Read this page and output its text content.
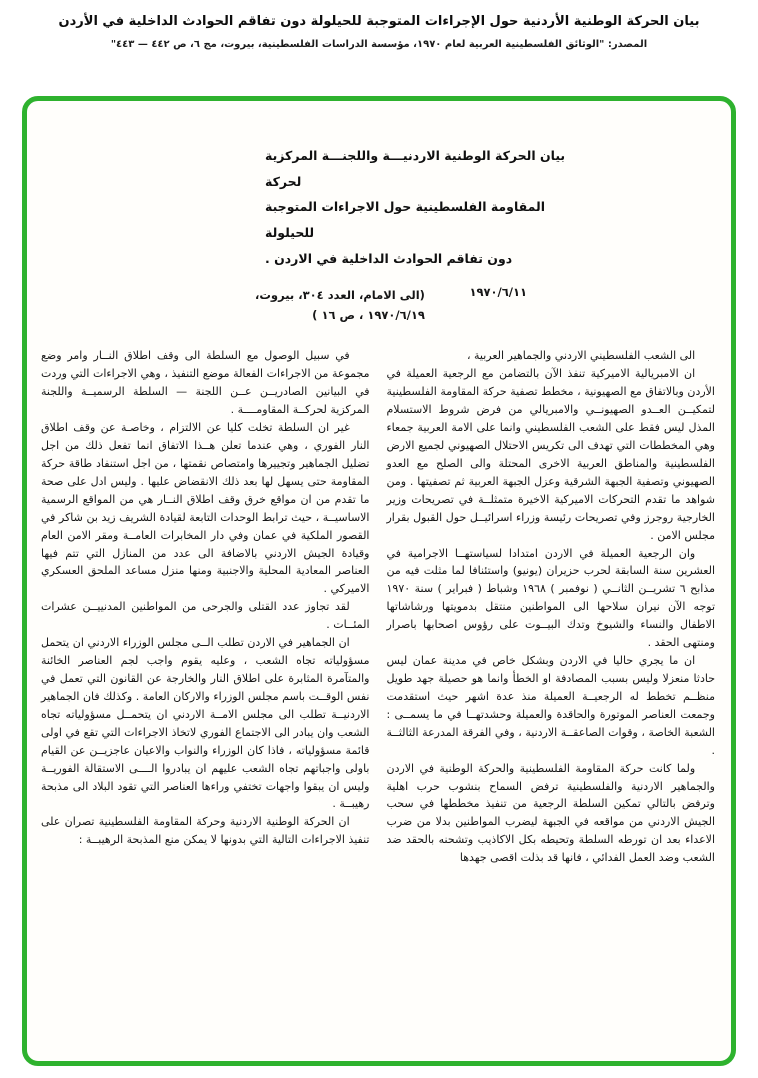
بيان الحركة الوطنية الأردنية حول الإجراءات المتوجبة للحيلولة دون تفاقم الحوادث الداخلية في الأردن
المصدر: "الوثائق الفلسطينية العربية لعام ١٩٧٠، مؤسسة الدراسات الفلسطينية، بيروت، مج ٦، ص ٤٤٢ — ٤٤٣"
بيان الحركة الوطنية الاردنيـــة واللجنـــة المركزية لحركة
المقاومة الفلسطينية حول الاجراءات المتوجبة للحيلولة
دون تفاقم الحوادث الداخلية في الاردن .
١٩٧٠/٦/١١
(الى الامام، العدد ٣٠٤، بيروت،
١٩٧٠/٦/١٩ ، ص ١٦ )

الى الشعب الفلسطيني الاردني والجماهير العربية ،

ان الامبريالية الاميركية تنفذ الآن بالتضامن مع الرجعية العميلة في الأردن وبالاتفاق مع الصهيونية ، مخطط تصفية حركة المقاومة الفلسطينية لتمكيــن العــدو الصهيونــي والامبريالي من فرض شروط الاستسلام المذل ليس فقط على الشعب الفلسطيني وانما على الامة العربية جمعاء وهي المخططات التي تهدف الى تكريس الاحتلال الصهيوني لجميع الارض الفلسطينية والمناطق العربية الاخرى المحتلة والى الصلح مع العدو الصهيوني وتصفية الجبهة الشرقية وعزل الجبهة العربية ثم تصفيتها . ومن شواهد ما تقدم التحركات الاميركية الاخيرة متمثلــة في تصريحات وزير الخارجية روجرز وفي تصريحات رئيسة وزراء اسرائيــل حول القبول بقرار مجلس الامن .

وان الرجعية العميلة في الاردن امتدادا لسياستهــا الاجرامية في العشرين سنة السابقة لحرب حزيران (يونيو) واستئنافا لما مثلت فيه من مذابح ٦ تشريــن الثانــي ( نوفمبر ) ١٩٦٨ وشباط ( فبراير ) سنة ١٩٧٠ توجه الآن نيران سلاحها الى المواطنين منتقل بدمويتها ورشاشاتها الاطفال والنساء والشيوخ وتدك البيــوت على رؤوس اصحابها باصرار ومنتهى الحقد .

ان ما يجري حاليا في الاردن وبشكل خاص في مدينة عمان ليس حادثا منعزلا وليس بسبب المصادفة او الخطأ وانما هو حصيلة جهد طويل منظــم تخطط له الرجعيــة العميلة منذ عدة اشهر حيث استقدمت وجمعت العناصر الموتورة والحاقدة والعميلة وحشدتهــا في ما يسمــى : الشعبة الخاصة ، وقوات الصاعقــة الاردنية ، وفي الفرقة المدرعة الثالثــة .

ولما كانت حركة المقاومة الفلسطينية والحركة الوطنية في الاردن والجماهير الاردنية والفلسطينية ترفض السماح بنشوب حرب اهلية وترفض بالتالي تمكين السلطة الرجعية من تنفيذ مخططها في سحب الجيش الاردني من مواقعه في الجبهة ليضرب المواطنين بدلا من ضرب الاعداء بعد ان تورطه السلطة وتحيطه بكل الاكاذيب وتشحنه بالحقد ضد الشعب وضد العمل الفدائي ، فانها قد بذلت اقصى جهدها

في سبيل الوصول مع السلطة الى وقف اطلاق النــار وامر وضع مجموعة من الاجراءات الفعالة موضع التنفيذ ، وهي الاجراءات التي وردت في البيانين الصادريــن عــن اللجنة — السلطة الرسميــة واللجنة المركزية لحركــة المقاومــــة .

غير ان السلطة تخلت كليا عن الالتزام ، وخاصـة عن وقف اطلاق النار الفوري ، وهي عندما تعلن هــذا الاتفاق انما تفعل ذلك من اجل تضليل الجماهير وتجييرها وامتصاص نقمتها ، من اجل استنفاد طاقة حركة المقاومة حتى يسهل لها بعد ذلك الانقضاض عليها . وليس ادل على صحة ما تقدم من ان مواقع خرق وقف اطلاق النــار هي من المواقع الرسمية الاساسيــة ، حيث ترابط الوحدات التابعة لقيادة الشريف زيد بن شاكر في القصور الملكية في عمان وفي دار المخابرات العامــة ومقر الامن العام وقيادة الجيش الاردني بالاضافة الى عدد من المنازل التي تتم فيها العناصر المعادية المحلية والاجنبية ومنها منزل مساعد الملحق العسكري الاميركي .

لقد تجاوز عدد القتلى والجرحى من المواطنين المدنييــن عشرات المئــات .

ان الجماهير في الاردن تطلب الــى مجلس الوزراء الاردني ان يتحمل مسؤولياته تجاه الشعب ، وعليه يقوم واجب لجم العناصر الخائنة والمتآمرة المثابرة على اطلاق النار والخارجة عن القانون التي تعمل في نفس الوقــت باسم مجلس الوزراء والاركان العامة . وكذلك فان الجماهير الاردنيــة تطلب الى مجلس الامــة الاردني ان يتحمــل مسؤولياته تجاه الشعب وان يبادر الى الاجتماع الفوري لاتخاذ الاجراءات التي تقع في اولى قائمة مسؤولياته ، فاذا كان الوزراء والنواب والاعيان عاجزيــن عن القيام باولى واجباتهم تجاه الشعب عليهم ان يبادروا الــــى الاستقالة الفوريــة وليس ان يبقوا واجهات تختفي وراءها العناصر التي تقود البلاد الى مذبحة رهيبــة .

ان الحركة الوطنية الاردنية وحركة المقاومة الفلسطينية تصران على تنفيذ الاجراءات التالية التي بدونها لا يمكن منع المذبحة الرهيبــة :
